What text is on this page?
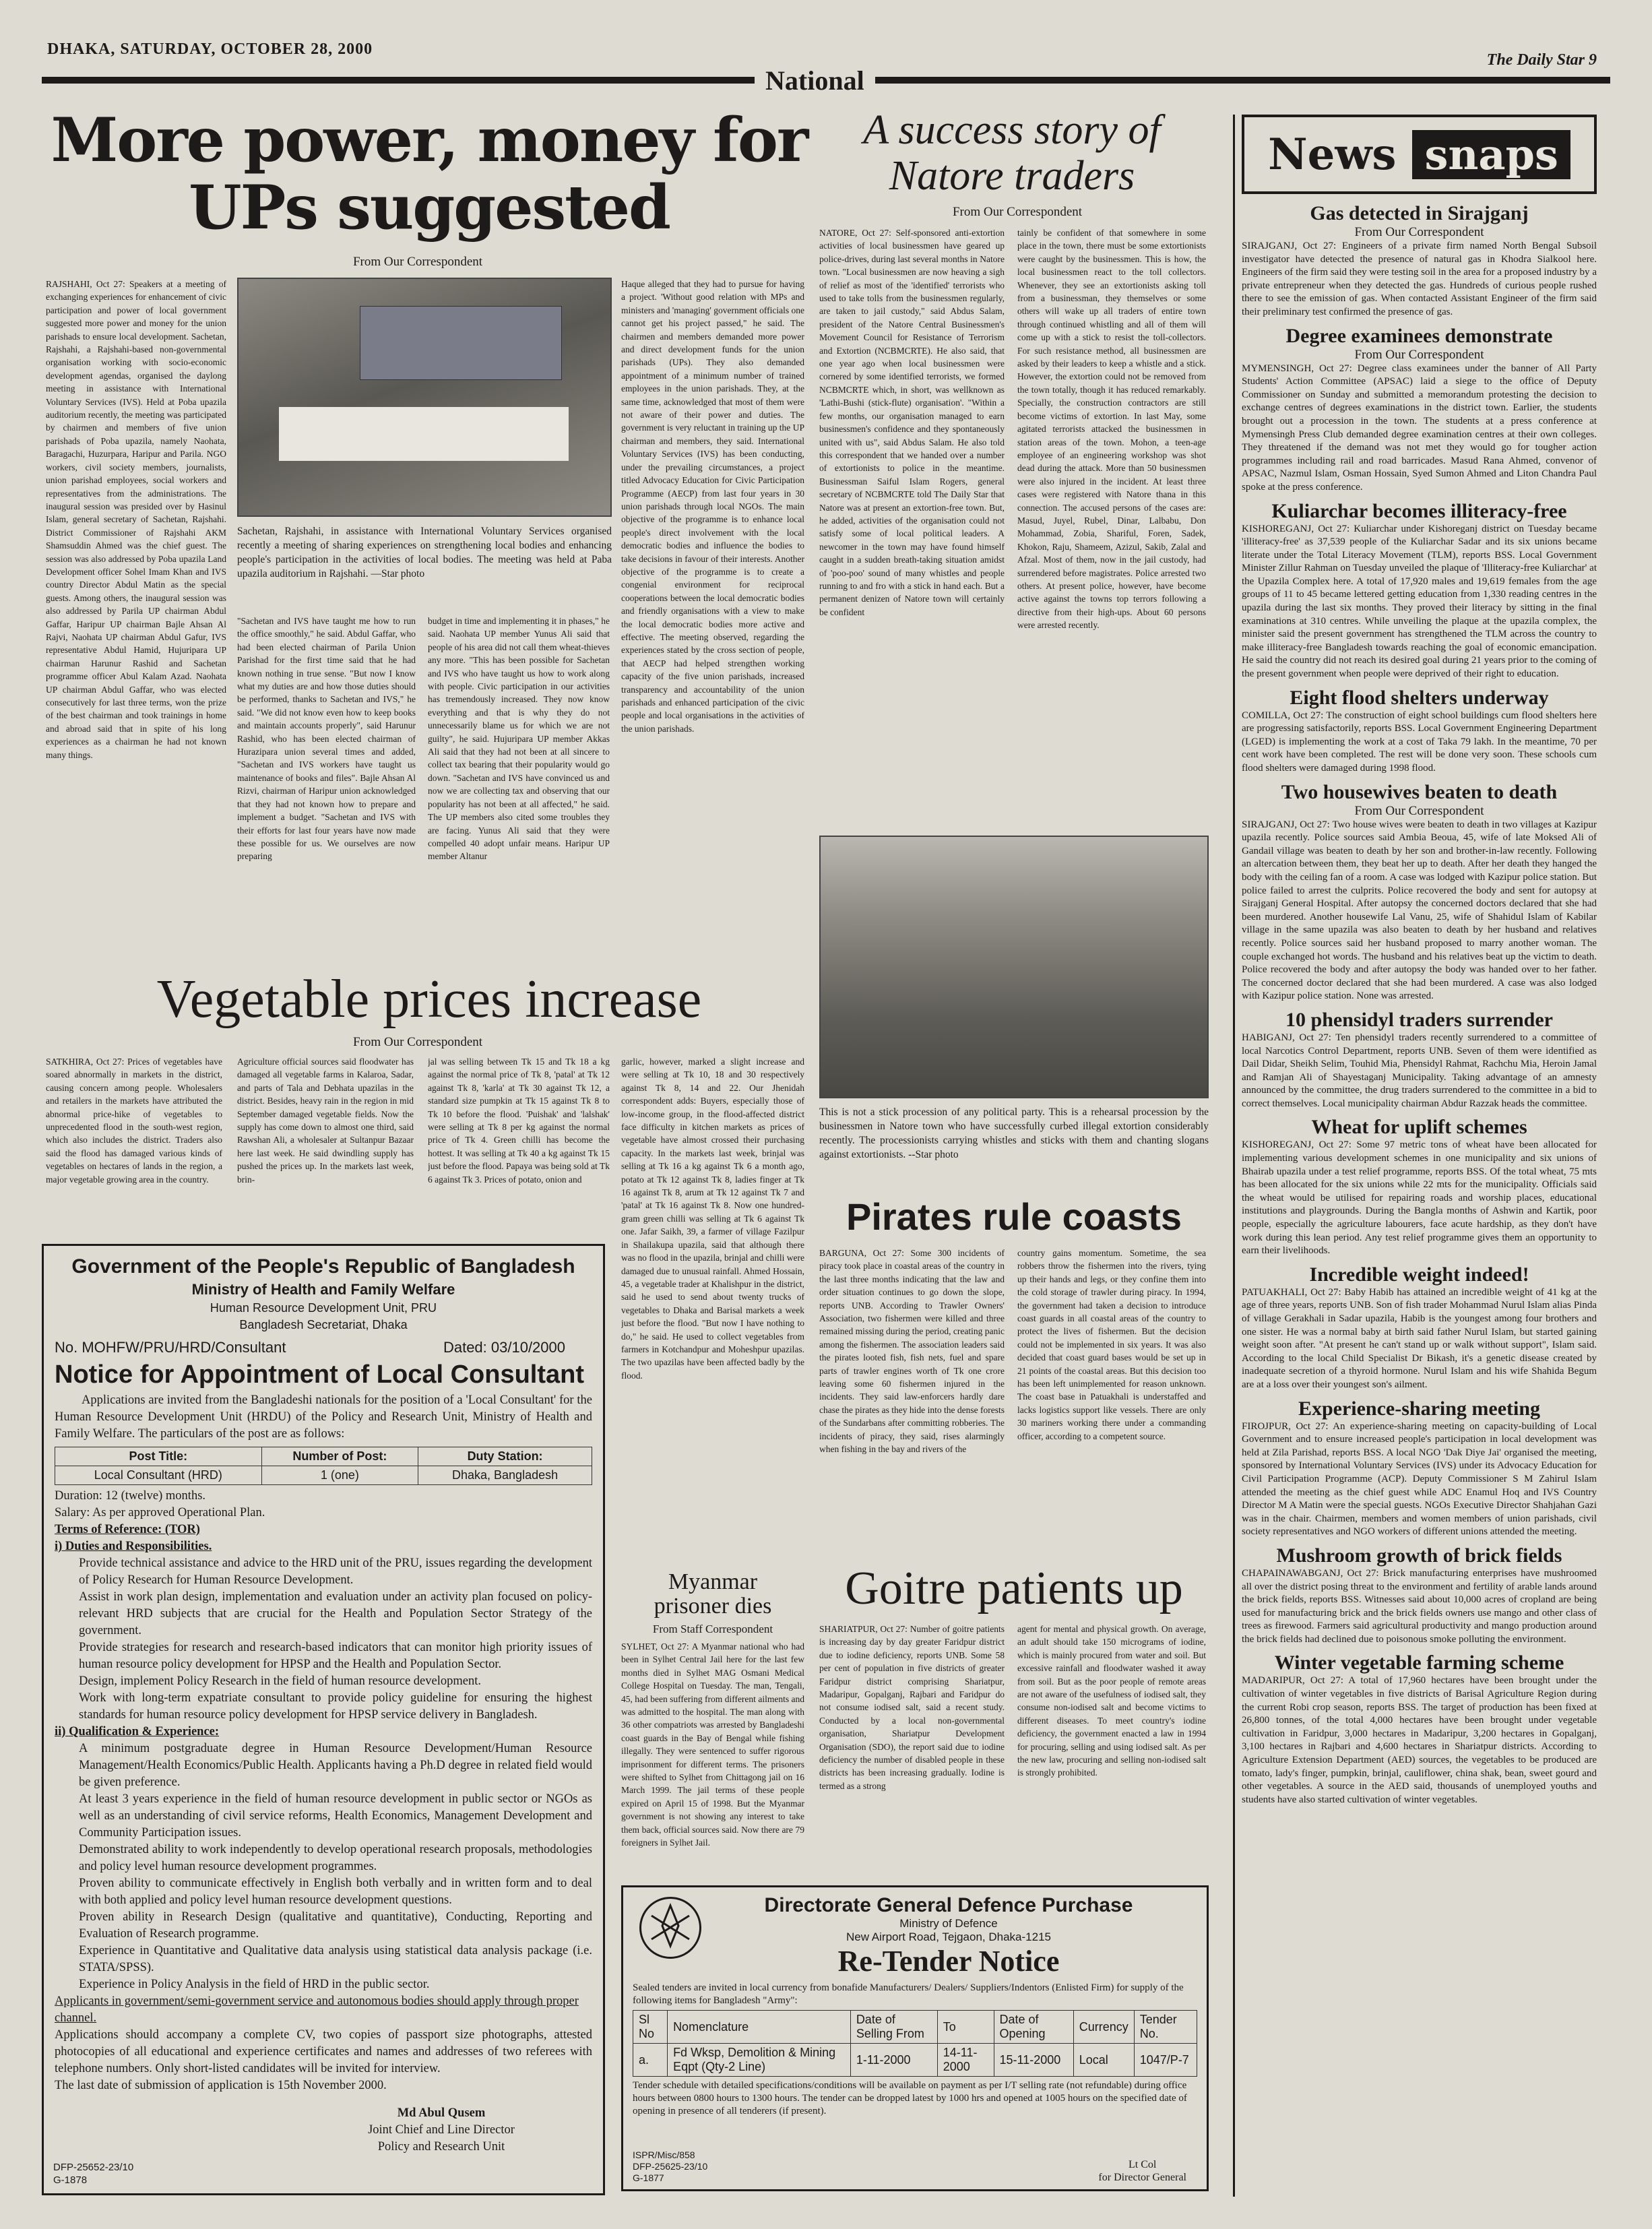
DHAKA, SATURDAY, OCTOBER 28, 2000
The Daily Star 9
National
More power, money for UPs suggested
From Our Correspondent
RAJSHAHI, Oct 27: Speakers at a meeting of exchanging experiences for enhancement of civic participation and power of local government suggested more power and money for the union parishads to ensure local development. Sachetan, Rajshahi, a Rajshahi-based non-governmental organisation working with socio-economic development agendas, organised the daylong meeting in assistance with International Voluntary Services (IVS). Held at Poba upazila auditorium recently, the meeting was participated by chairmen and members of five union parishads of Poba upazila, namely Naohata, Baragachi, Huzurpara, Haripur and Parila. NGO workers, civil society members, journalists, union parishad employees, social workers and representatives from the administrations. The inaugural session was presided over by Hasinul Islam, general secretary of Sachetan, Rajshahi. District Commissioner of Rajshahi AKM Shamsuddin Ahmed was the chief guest. The session was also addressed by Poba upazila Land Development officer Sohel Imam Khan and IVS country Director Abdul Matin as the special guests. Among others, the inaugural session was also addressed by Parila UP chairman Abdul Gaffar, Haripur UP chairman Bajle Ahsan Al Rajvi, Naohata UP chairman Abdul Gafur, IVS representative Abdul Hamid, Hujuripara UP chairman Harunur Rashid and Sachetan programme officer Abul Kalam Azad. Naohata UP chairman Abdul Gaffar, who was elected consecutively for last three terms, won the prize of the best chairman and took trainings in home and abroad said that in spite of his long experiences as a chairman he had not known many things.
Sachetan, Rajshahi, in assistance with International Voluntary Services organised recently a meeting of sharing experiences on strengthening local bodies and enhancing people's participation in the activities of local bodies. The meeting was held at Paba upazila auditorium in Rajshahi. —Star photo
"Sachetan and IVS have taught me how to run the office smoothly," he said. Abdul Gaffar, who had been elected chairman of Parila Union Parishad for the first time said that he had known nothing in true sense. "But now I know what my duties are and how those duties should be performed, thanks to Sachetan and IVS," he said. "We did not know even how to keep books and maintain accounts properly", said Harunur Rashid, who has been elected chairman of Hurazipara union several times and added, "Sachetan and IVS workers have taught us maintenance of books and files". Bajle Ahsan Al Rizvi, chairman of Haripur union acknowledged that they had not known how to prepare and implement a budget. "Sachetan and IVS with their efforts for last four years have now made these possible for us. We ourselves are now preparing
budget in time and implementing it in phases," he said. Naohata UP member Yunus Ali said that people of his area did not call them wheat-thieves any more. "This has been possible for Sachetan and IVS who have taught us how to work along with people. Civic participation in our activities has tremendously increased. They now know everything and that is why they do not unnecessarily blame us for which we are not guilty", he said. Hujuripara UP member Akkas Ali said that they had not been at all sincere to collect tax bearing that their popularity would go down. "Sachetan and IVS have convinced us and now we are collecting tax and observing that our popularity has not been at all affected," he said. The UP members also cited some troubles they are facing. Yunus Ali said that they were compelled 40 adopt unfair means. Haripur UP member Altanur
Haque alleged that they had to pursue for having a project. 'Without good relation with MPs and ministers and 'managing' government officials one cannot get his project passed," he said. The chairmen and members demanded more power and direct development funds for the union parishads (UPs). They also demanded appointment of a minimum number of trained employees in the union parishads. They, at the same time, acknowledged that most of them were not aware of their power and duties. The government is very reluctant in training up the UP chairman and members, they said. International Voluntary Services (IVS) has been conducting, under the prevailing circumstances, a project titled Advocacy Education for Civic Participation Programme (AECP) from last four years in 30 union parishads through local NGOs. The main objective of the programme is to enhance local people's direct involvement with the local democratic bodies and influence the bodies to take decisions in favour of their interests. Another objective of the programme is to create a congenial environment for reciprocal cooperations between the local democratic bodies and friendly organisations with a view to make the local democratic bodies more active and effective. The meeting observed, regarding the experiences stated by the cross section of people, that AECP had helped strengthen working capacity of the five union parishads, increased transparency and accountability of the union parishads and enhanced participation of the civic people and local organisations in the activities of the union parishads.
A success story of
Natore traders
From Our Correspondent
NATORE, Oct 27: Self-sponsored anti-extortion activities of local businessmen have geared up police-drives, during last several months in Natore town. "Local businessmen are now heaving a sigh of relief as most of the 'identified' terrorists who used to take tolls from the businessmen regularly, are taken to jail custody," said Abdus Salam, president of the Natore Central Businessmen's Movement Council for Resistance of Terrorism and Extortion (NCBMCRTE). He also said, that one year ago when local businessmen were cornered by some identified terrorists, we formed NCBMCRTE which, in short, was wellknown as 'Lathi-Bushi (stick-flute) organisation'. "Within a few months, our organisation managed to earn businessmen's confidence and they spontaneously united with us", said Abdus Salam. He also told this correspondent that we handed over a number of extortionists to police in the meantime. Businessman Saiful Islam Rogers, general secretary of NCBMCRTE told The Daily Star that Natore was at present an extortion-free town. But, he added, activities of the organisation could not satisfy some of local political leaders. A newcomer in the town may have found himself caught in a sudden breath-taking situation amidst of 'poo-poo' sound of many whistles and people running to and fro with a stick in hand each. But a permanent denizen of Natore town will certainly be confident
tainly be confident of that somewhere in some place in the town, there must be some extortionists were caught by the businessmen. This is how, the local businessmen react to the toll collectors. Whenever, they see an extortionists asking toll from a businessman, they themselves or some others will wake up all traders of entire town through continued whistling and all of them will come up with a stick to resist the toll-collectors. For such resistance method, all businessmen are asked by their leaders to keep a whistle and a stick. However, the extortion could not be removed from the town totally, though it has reduced remarkably. Specially, the construction contractors are still become victims of extortion. In last May, some agitated terrorists attacked the businessmen in station areas of the town. Mohon, a teen-age employee of an engineering workshop was shot dead during the attack. More than 50 businessmen were also injured in the incident. At least three cases were registered with Natore thana in this connection. The accused persons of the cases are: Masud, Juyel, Rubel, Dinar, Lalbabu, Don Mohammad, Zobia, Shariful, Foren, Sadek, Khokon, Raju, Shameem, Azizul, Sakib, Zalal and Afzal. Most of them, now in the jail custody, had surrendered before magistrates. Police arrested two others. At present police, however, have become active against the towns top terrors following a directive from their high-ups. About 60 persons were arrested recently.
This is not a stick procession of any political party. This is a rehearsal procession by the businessmen in Natore town who have successfully curbed illegal extortion considerably recently. The processionists carrying whistles and sticks with them and chanting slogans against extortionists. --Star photo
Vegetable prices increase
From Our Correspondent
SATKHIRA, Oct 27: Prices of vegetables have soared abnormally in markets in the district, causing concern among people. Wholesalers and retailers in the markets have attributed the abnormal price-hike of vegetables to unprecedented flood in the south-west region, which also includes the district. Traders also said the flood has damaged various kinds of vegetables on hectares of lands in the region, a major vegetable growing area in the country.
Agriculture official sources said floodwater has damaged all vegetable farms in Kalaroa, Sadar, and parts of Tala and Debhata upazilas in the district. Besides, heavy rain in the region in mid September damaged vegetable fields. Now the supply has come down to almost one third, said Rawshan Ali, a wholesaler at Sultanpur Bazaar here last week. He said dwindling supply has pushed the prices up. In the markets last week, brin-
jal was selling between Tk 15 and Tk 18 a kg against the normal price of Tk 8, 'patal' at Tk 12 against Tk 8, 'karla' at Tk 30 against Tk 12, a standard size pumpkin at Tk 15 against Tk 8 to Tk 10 before the flood. 'Puishak' and 'lalshak' were selling at Tk 8 per kg against the normal price of Tk 4. Green chilli has become the hottest. It was selling at Tk 40 a kg against Tk 15 just before the flood. Papaya was being sold at Tk 6 against Tk 3. Prices of potato, onion and
garlic, however, marked a slight increase and were selling at Tk 10, 18 and 30 respectively against Tk 8, 14 and 22. Our Jhenidah correspondent adds: Buyers, especially those of low-income group, in the flood-affected district face difficulty in kitchen markets as prices of vegetable have almost crossed their purchasing capacity. In the markets last week, brinjal was selling at Tk 16 a kg against Tk 6 a month ago, potato at Tk 12 against Tk 8, ladies finger at Tk 16 against Tk 8, arum at Tk 12 against Tk 7 and 'patal' at Tk 16 against Tk 8. Now one hundred-gram green chilli was selling at Tk 6 against Tk one. Jafar Saikh, 39, a farmer of village Fazilpur in Shailakupa upazila, said that although there was no flood in the upazila, brinjal and chilli were damaged due to unusual rainfall. Ahmed Hossain, 45, a vegetable trader at Khalishpur in the district, said he used to send about twenty trucks of vegetables to Dhaka and Barisal markets a week just before the flood. "But now I have nothing to do," he said. He used to collect vegetables from farmers in Kotchandpur and Moheshpur upazilas. The two upazilas have been affected badly by the flood.
Myanmar
prisoner dies
From Staff Correspondent
SYLHET, Oct 27: A Myanmar national who had been in Sylhet Central Jail here for the last few months died in Sylhet MAG Osmani Medical College Hospital on Tuesday. The man, Tengali, 45, had been suffering from different ailments and was admitted to the hospital. The man along with 36 other compatriots was arrested by Bangladeshi coast guards in the Bay of Bengal while fishing illegally. They were sentenced to suffer rigorous imprisonment for different terms. The prisoners were shifted to Sylhet from Chittagong jail on 16 March 1999. The jail terms of these people expired on April 15 of 1998. But the Myanmar government is not showing any interest to take them back, official sources said. Now there are 79 foreigners in Sylhet Jail.
Pirates rule coasts
BARGUNA, Oct 27: Some 300 incidents of piracy took place in coastal areas of the country in the last three months indicating that the law and order situation continues to go down the slope, reports UNB. According to Trawler Owners' Association, two fishermen were killed and three remained missing during the period, creating panic among the fishermen. The association leaders said the pirates looted fish, fish nets, fuel and spare parts of trawler engines worth of Tk one crore leaving some 60 fishermen injured in the incidents. They said law-enforcers hardly dare chase the pirates as they hide into the dense forests of the Sundarbans after committing robberies. The incidents of piracy, they said, rises alarmingly when fishing in the bay and rivers of the
country gains momentum. Sometime, the sea robbers throw the fishermen into the rivers, tying up their hands and legs, or they confine them into the cold storage of trawler during piracy. In 1994, the government had taken a decision to introduce coast guards in all coastal areas of the country to protect the lives of fishermen. But the decision could not be implemented in six years. It was also decided that coast guard bases would be set up in 21 points of the coastal areas. But this decision too has been left unimplemented for reason unknown. The coast base in Patuakhali is understaffed and lacks logistics support like vessels. There are only 30 mariners working there under a commanding officer, according to a competent source.
Goitre patients up
SHARIATPUR, Oct 27: Number of goitre patients is increasing day by day greater Faridpur district due to iodine deficiency, reports UNB. Some 58 per cent of population in five districts of greater Faridpur district comprising Shariatpur, Madaripur, Gopalganj, Rajbari and Faridpur do not consume iodised salt, said a recent study. Conducted by a local non-governmental organisation, Shariatpur Development Organisation (SDO), the report said due to iodine deficiency the number of disabled people in these districts has been increasing gradually. Iodine is termed as a strong
agent for mental and physical growth. On average, an adult should take 150 micrograms of iodine, which is mainly procured from water and soil. But excessive rainfall and floodwater washed it away from soil. But as the poor people of remote areas are not aware of the usefulness of iodised salt, they consume non-iodised salt and become victims to different diseases. To meet country's iodine deficiency, the government enacted a law in 1994 for procuring, selling and using iodised salt. As per the new law, procuring and selling non-iodised salt is strongly prohibited.
Government of the People's Republic of Bangladesh
Ministry of Health and Family Welfare
Human Resource Development Unit, PRU
Bangladesh Secretariat, Dhaka
No. MOHFW/PRU/HRD/Consultant	Dated: 03/10/2000
Notice for Appointment of Local Consultant
Applications are invited from the Bangladeshi nationals for the position of a 'Local Consultant' for the Human Resource Development Unit (HRDU) of the Policy and Research Unit, Ministry of Health and Family Welfare. The particulars of the post are as follows:
Post Title:	Number of Post:	Duty Station:
Local Consultant (HRD)	1 (one)	Dhaka, Bangladesh
Duration: 12 (twelve) months.
Salary: As per approved Operational Plan.
Terms of Reference: (TOR)
i) Duties and Responsibilities.
Provide technical assistance and advice to the HRD unit of the PRU, issues regarding the development of Policy Research for Human Resource Development.
Assist in work plan design, implementation and evaluation under an activity plan focused on policy-relevant HRD subjects that are crucial for the Health and Population Sector Strategy of the government.
Provide strategies for research and research-based indicators that can monitor high priority issues of human resource policy development for HPSP and the Health and Population Sector.
Design, implement Policy Research in the field of human resource development.
Work with long-term expatriate consultant to provide policy guideline for ensuring the highest standards for human resource policy development for HPSP service delivery in Bangladesh.
ii) Qualification & Experience:
A minimum postgraduate degree in Human Resource Development/Human Resource Management/Health Economics/Public Health. Applicants having a Ph.D degree in related field would be given preference.
At least 3 years experience in the field of human resource development in public sector or NGOs as well as an understanding of civil service reforms, Health Economics, Management Development and Community Participation issues.
Demonstrated ability to work independently to develop operational research proposals, methodologies and policy level human resource development programmes.
Proven ability to communicate effectively in English both verbally and in written form and to deal with both applied and policy level human resource development questions.
Proven ability in Research Design (qualitative and quantitative), Conducting, Reporting and Evaluation of Research programme.
Experience in Quantitative and Qualitative data analysis using statistical data analysis package (i.e. STATA/SPSS).
Experience in Policy Analysis in the field of HRD in the public sector.
Applicants in government/semi-government service and autonomous bodies should apply through proper channel.
Applications should accompany a complete CV, two copies of passport size photographs, attested photocopies of all educational and experience certificates and names and addresses of two referees with telephone numbers. Only short-listed candidates will be invited for interview.
The last date of submission of application is 15th November 2000.
Md Abul Qusem
Joint Chief and Line Director
Policy and Research Unit
DFP-25652-23/10
G-1878
Directorate General Defence Purchase
Ministry of Defence
New Airport Road, Tejgaon, Dhaka-1215
Re-Tender Notice
Sealed tenders are invited in local currency from bonafide Manufacturers/ Dealers/ Suppliers/Indentors (Enlisted Firm) for supply of the following items for Bangladesh "Army":
Sl No	Nomenclature	Date of Selling From	To	Date of Opening	Currency	Tender No.
a.	Fd Wksp, Demolition & Mining Eqpt (Qty-2 Line)	1-11-2000	14-11-2000	15-11-2000	Local	1047/P-7
Tender schedule with detailed specifications/conditions will be available on payment as per I/T selling rate (not refundable) during office hours between 0800 hours to 1300 hours. The tender can be dropped latest by 1000 hrs and opened at 1005 hours on the specified date of opening in presence of all tenderers (if present).
ISPR/Misc/858
DFP-25625-23/10
G-1877
Lt Col
for Director General
News snaps
Gas detected in Sirajganj
From Our Correspondent
SIRAJGANJ, Oct 27: Engineers of a private firm named North Bengal Subsoil investigator have detected the presence of natural gas in Khodra Sialkool here. Engineers of the firm said they were testing soil in the area for a proposed industry by a private entrepreneur when they detected the gas. Hundreds of curious people rushed there to see the emission of gas. When contacted Assistant Engineer of the firm said their preliminary test confirmed the presence of gas.
Degree examinees demonstrate
From Our Correspondent
MYMENSINGH, Oct 27: Degree class examinees under the banner of All Party Students' Action Committee (APSAC) laid a siege to the office of Deputy Commissioner on Sunday and submitted a memorandum protesting the decision to exchange centres of degrees examinations in the district town. Earlier, the students brought out a procession in the town. The students at a press conference at Mymensingh Press Club demanded degree examination centres at their own colleges. They threatened if the demand was not met they would go for tougher action programmes including rail and road barricades. Masud Rana Ahmed, convenor of APSAC, Nazmul Islam, Osman Hossain, Syed Sumon Ahmed and Liton Chandra Paul spoke at the press conference.
Kuliarchar becomes illiteracy-free
KISHOREGANJ, Oct 27: Kuliarchar under Kishoreganj district on Tuesday became 'illiteracy-free' as 37,539 people of the Kuliarchar Sadar and its six unions became literate under the Total Literacy Movement (TLM), reports BSS. Local Government Minister Zillur Rahman on Tuesday unveiled the plaque of 'Illiteracy-free Kuliarchar' at the Upazila Complex here. A total of 17,920 males and 19,619 females from the age groups of 11 to 45 became lettered getting education from 1,330 reading centres in the upazila during the last six months. They proved their literacy by sitting in the final examinations at 310 centres. While unveiling the plaque at the upazila complex, the minister said the present government has strengthened the TLM across the country to make illiteracy-free Bangladesh towards reaching the goal of economic emancipation. He said the country did not reach its desired goal during 21 years prior to the coming of the present government when people were deprived of their right to education.
Eight flood shelters underway
COMILLA, Oct 27: The construction of eight school buildings cum flood shelters here are progressing satisfactorily, reports BSS. Local Government Engineering Department (LGED) is implementing the work at a cost of Taka 79 lakh. In the meantime, 70 per cent work have been completed. The rest will be done very soon. These schools cum flood shelters were damaged during 1998 flood.
Two housewives beaten to death
From Our Correspondent
SIRAJGANJ, Oct 27: Two house wives were beaten to death in two villages at Kazipur upazila recently. Police sources said Ambia Beoua, 45, wife of late Moksed Ali of Gandail village was beaten to death by her son and brother-in-law recently. Following an altercation between them, they beat her up to death. After her death they hanged the body with the ceiling fan of a room. A case was lodged with Kazipur police station. But police failed to arrest the culprits. Police recovered the body and sent for autopsy at Sirajganj General Hospital. After autopsy the concerned doctors declared that she had been murdered. Another housewife Lal Vanu, 25, wife of Shahidul Islam of Kabilar village in the same upazila was also beaten to death by her husband and relatives recently. Police sources said her husband proposed to marry another woman. The couple exchanged hot words. The husband and his relatives beat up the victim to death. Police recovered the body and after autopsy the body was handed over to her father. The concerned doctor declared that she had been murdered. A case was also lodged with Kazipur police station. None was arrested.
10 phensidyl traders surrender
HABIGANJ, Oct 27: Ten phensidyl traders recently surrendered to a committee of local Narcotics Control Department, reports UNB. Seven of them were identified as Dail Didar, Sheikh Selim, Touhid Mia, Phensidyl Rahmat, Rachchu Mia, Heroin Jamal and Ramjan Ali of Shayestaganj Municipality. Taking advantage of an amnesty announced by the committee, the drug traders surrendered to the committee in a bid to correct themselves. Local municipality chairman Abdur Razzak heads the committee.
Wheat for uplift schemes
KISHOREGANJ, Oct 27: Some 97 metric tons of wheat have been allocated for implementing various development schemes in one municipality and six unions of Bhairab upazila under a test relief programme, reports BSS. Of the total wheat, 75 mts has been allocated for the six unions while 22 mts for the municipality. Officials said the wheat would be utilised for repairing roads and worship places, educational institutions and playgrounds. During the Bangla months of Ashwin and Kartik, poor people, especially the agriculture labourers, face acute hardship, as they don't have work during this lean period. Any test relief programme gives them an opportunity to earn their livelihoods.
Incredible weight indeed!
PATUAKHALI, Oct 27: Baby Habib has attained an incredible weight of 41 kg at the age of three years, reports UNB. Son of fish trader Mohammad Nurul Islam alias Pinda of village Gerakhali in Sadar upazila, Habib is the youngest among four brothers and one sister. He was a normal baby at birth said father Nurul Islam, but started gaining weight soon after. "At present he can't stand up or walk without support", Islam said. According to the local Child Specialist Dr Bikash, it's a genetic disease created by inadequate secretion of a thyroid hormone. Nurul Islam and his wife Shahida Begum are at a loss over their youngest son's ailment.
Experience-sharing meeting
FIROJPUR, Oct 27: An experience-sharing meeting on capacity-building of Local Government and to ensure increased people's participation in local development was held at Zila Parishad, reports BSS. A local NGO 'Dak Diye Jai' organised the meeting, sponsored by International Voluntary Services (IVS) under its Advocacy Education for Civil Participation Programme (ACP). Deputy Commissioner S M Zahirul Islam attended the meeting as the chief guest while ADC Enamul Hoq and IVS Country Director M A Matin were the special guests. NGOs Executive Director Shahjahan Gazi was in the chair. Chairmen, members and women members of union parishads, civil society representatives and NGO workers of different unions attended the meeting.
Mushroom growth of brick fields
CHAPAINAWABGANJ, Oct 27: Brick manufacturing enterprises have mushroomed all over the district posing threat to the environment and fertility of arable lands around the brick fields, reports BSS. Witnesses said about 10,000 acres of cropland are being used for manufacturing brick and the brick fields owners use mango and other class of trees as firewood. Farmers said agricultural productivity and mango production around the brick fields had declined due to poisonous smoke polluting the environment.
Winter vegetable farming scheme
MADARIPUR, Oct 27: A total of 17,960 hectares have been brought under the cultivation of winter vegetables in five districts of Barisal Agriculture Region during the current Robi crop season, reports BSS. The target of production has been fixed at 26,800 tonnes, of the total 4,000 hectares have been brought under vegetable cultivation in Faridpur, 3,000 hectares in Madaripur, 3,200 hectares in Gopalganj, 3,100 hectares in Rajbari and 4,600 hectares in Shariatpur districts. According to Agriculture Extension Department (AED) sources, the vegetables to be produced are tomato, lady's finger, pumpkin, brinjal, cauliflower, china shak, bean, sweet gourd and other vegetables. A source in the AED said, thousands of unemployed youths and students have also started cultivation of winter vegetables.
